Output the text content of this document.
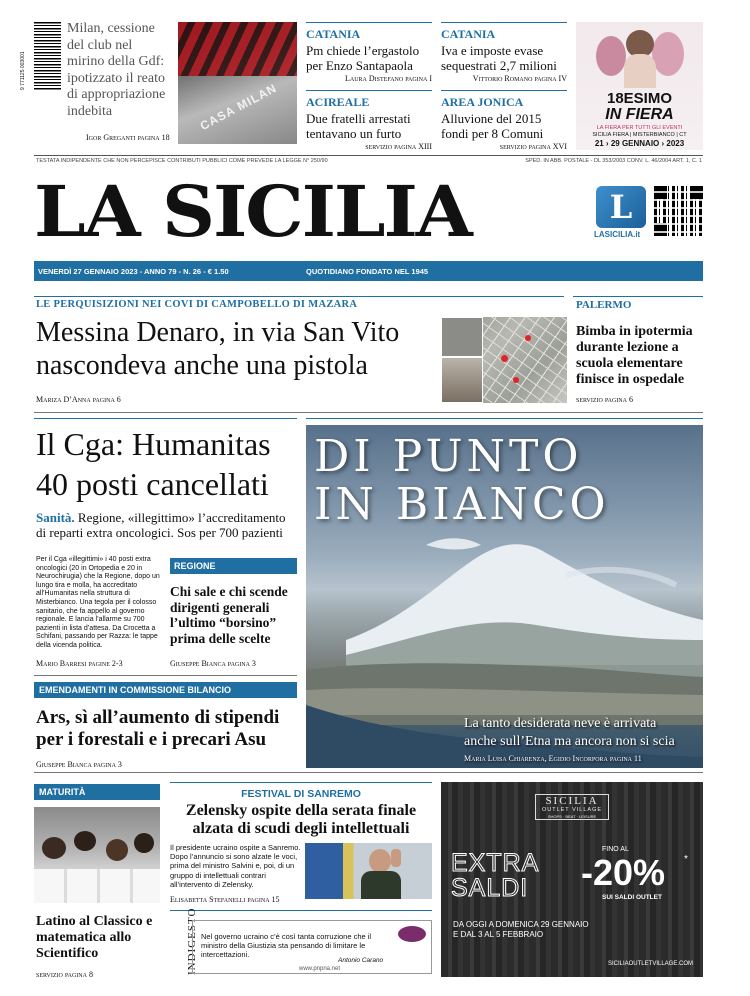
9 771125 003001
Milan, cessione del club nel mirino della Gdf: ipotizzato il reato di appropriazione indebita
Igor Greganti pagina 18
CASA MILAN
CATANIA
Pm chiede l’ergastolo per Enzo Santapaola
Laura Distefano pagina I
CATANIA
Iva e imposte evase sequestrati 2,7 milioni
Vittorio Romano pagina IV
ACIREALE
Due fratelli arrestati tentavano un furto
servizio pagina XIII
AREA JONICA
Alluvione del 2015 fondi per 8 Comuni
servizio pagina XVI
18ESIMO
IN FIERA
LA FIERA PER TUTTI GLI EVENTI
SICILIA FIERA | MISTERBIANCO | CT
21 › 29 GENNAIO › 2023
TESTATA INDIPENDENTE CHE NON PERCEPISCE CONTRIBUTI PUBBLICI COME PREVEDE LA LEGGE N° 250/90	SPED. IN ABB. POSTALE - DL 353/2003 CONV. L. 46/2004 ART. 1, C. 1
LA SICILIA	L
LASICILIA.it
VENERDÌ 27 GENNAIO 2023 - ANNO 79 - N. 26 - € 1.50	QUOTIDIANO FONDATO NEL 1945
LE PERQUISIZIONI NEI COVI DI CAMPOBELLO DI MAZARA
Messina Denaro, in via San Vito
nascondeva anche una pistola
Mariza D’Anna pagina 6
PALERMO
Bimba in ipotermia durante lezione a scuola elementare finisce in ospedale
servizio pagina 6
Il Cga: Humanitas
40 posti cancellati
Sanità. Regione, «illegittimo» l’accreditamento di reparti extra oncologici. Sos per 700 pazienti
Per il Cga «illegittimi» i 40 posti extra oncologici (20 in Ortopedia e 20 in Neurochirugia) che la Regione, dopo un lungo tira e molla, ha accreditato all’Humanitas nella struttura di Misterbianco. Una tegola per il colosso sanitario, che fa appello al governo regionale. E lancia l’allarme su 700 pazienti in lista d’attesa. Da Crocetta a Schifani, passando per Razza: le tappe della vicenda politica.
Mario Barresi pagine 2-3
REGIONE
Chi sale e chi scende dirigenti generali l’ultimo “borsino” prima delle scelte
Giuseppe Bianca pagina 3
DI PUNTO
IN BIANCO
La tanto desiderata neve è arrivata
anche sull’Etna ma ancora non si scia
Maria Luisa Chiarenza, Egidio Incorpora pagina 11
EMENDAMENTI IN COMMISSIONE BILANCIO
Ars, sì all’aumento di stipendi
per i forestali e i precari Asu
Giuseppe Bianca pagina 3
MATURITÀ
Latino al Classico e matematica allo Scientifico
servizio pagina 8
FESTIVAL DI SANREMO
Zelensky ospite della serata finale
alzata di scudi degli intellettuali
Il presidente ucraino ospite a Sanremo. Dopo l’annuncio si sono alzate le voci, prima del ministro Salvini e, poi, di un gruppo di intellettuali contrari all’intervento di Zelensky.
Elisabetta Stefanelli pagina 15
INDIGESTO Nel governo ucraino c’è così tanta corruzione che il ministro della Giustizia sta pensando di limitare le intercettazioni.
Antonio Carano
www.pnpna.net
SICILIA
OUTLET VILLAGE
SHOPS · BEAT · LEISURE
EXTRA
SALDI
FINO AL
-20% *
SUI SALDI OUTLET
DA OGGI A DOMENICA 29 GENNAIO
E DAL 3 AL 5 FEBBRAIO
SICILIAOUTLETVILLAGE.COM
